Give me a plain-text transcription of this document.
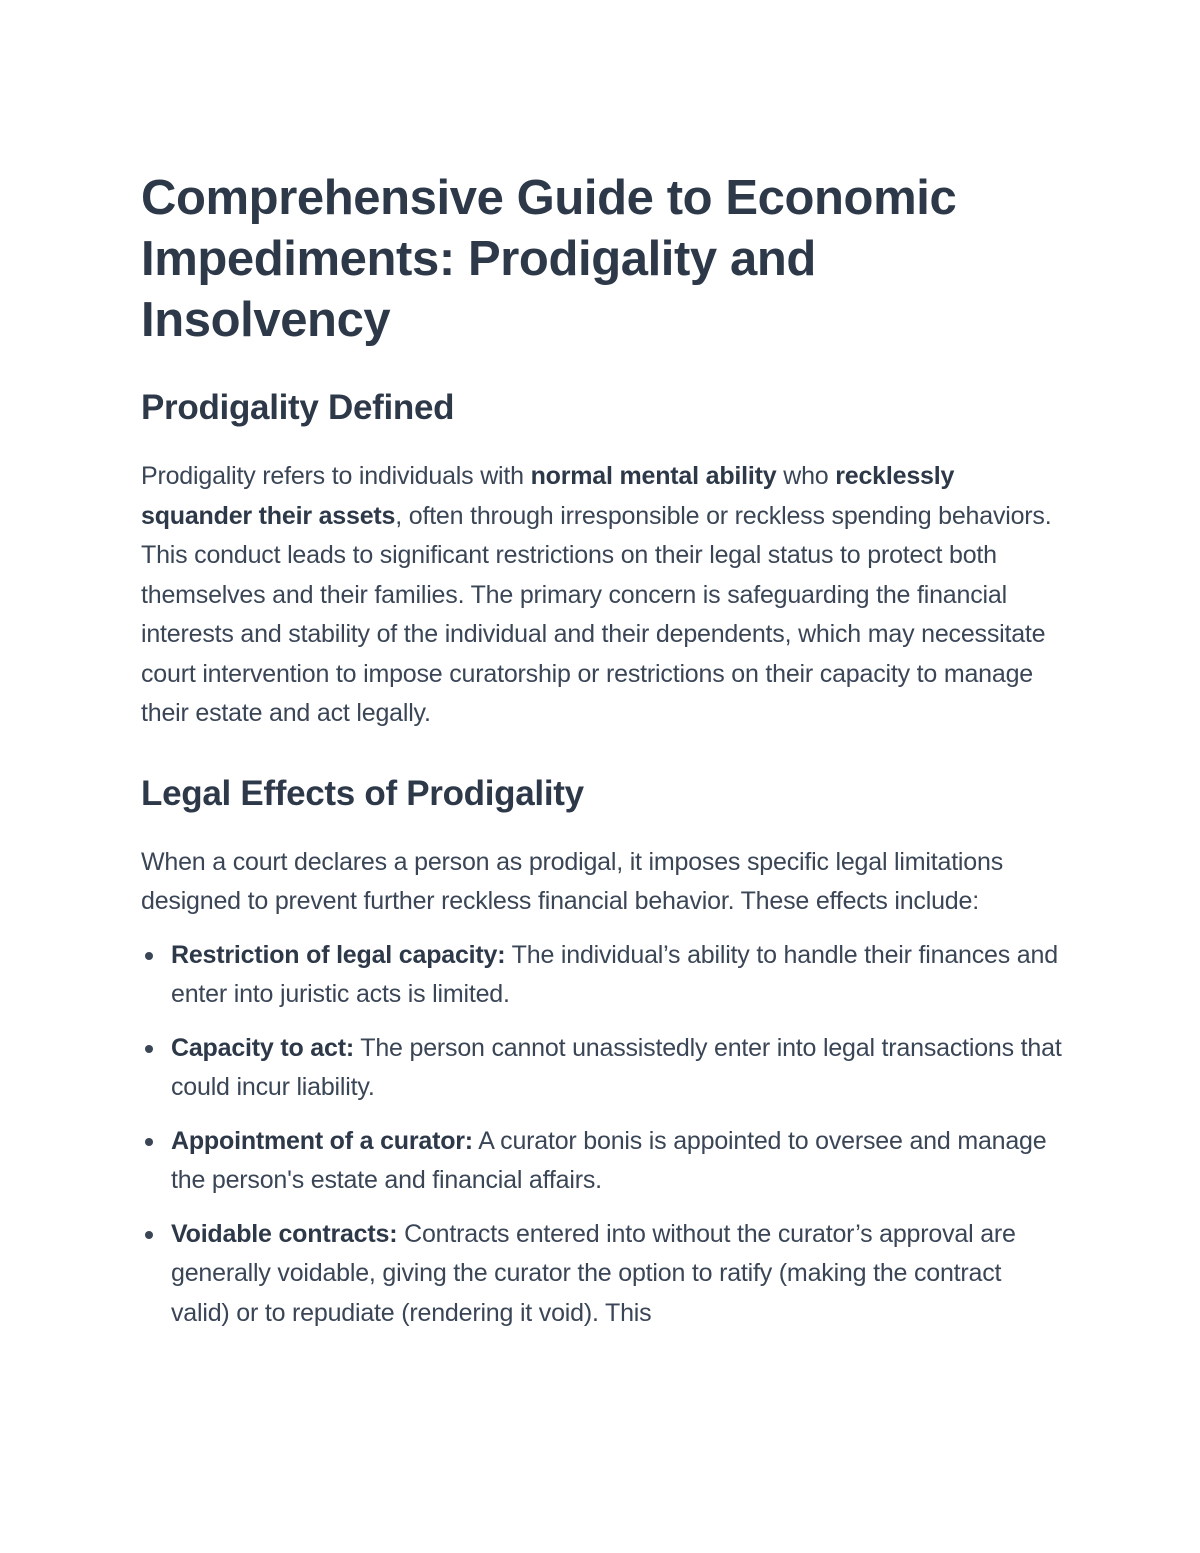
Comprehensive Guide to Economic Impediments: Prodigality and Insolvency
Prodigality Defined

Prodigality refers to individuals with normal mental ability who recklessly squander their assets, often through irresponsible or reckless spending behaviors. This conduct leads to significant restrictions on their legal status to protect both themselves and their families. The primary concern is safeguarding the financial interests and stability of the individual and their dependents, which may necessitate court intervention to impose curatorship or restrictions on their capacity to manage their estate and act legally.

Legal Effects of Prodigality

When a court declares a person as prodigal, it imposes specific legal limitations designed to prevent further reckless financial behavior. These effects include:

Restriction of legal capacity: The individual’s ability to handle their finances and enter into juristic acts is limited.
Capacity to act: The person cannot unassistedly enter into legal transactions that could incur liability.
Appointment of a curator: A curator bonis is appointed to oversee and manage the person's estate and financial affairs.
Voidable contracts: Contracts entered into without the curator’s approval are generally voidable, giving the curator the option to ratify (making the contract valid) or to repudiate (rendering it void). This
